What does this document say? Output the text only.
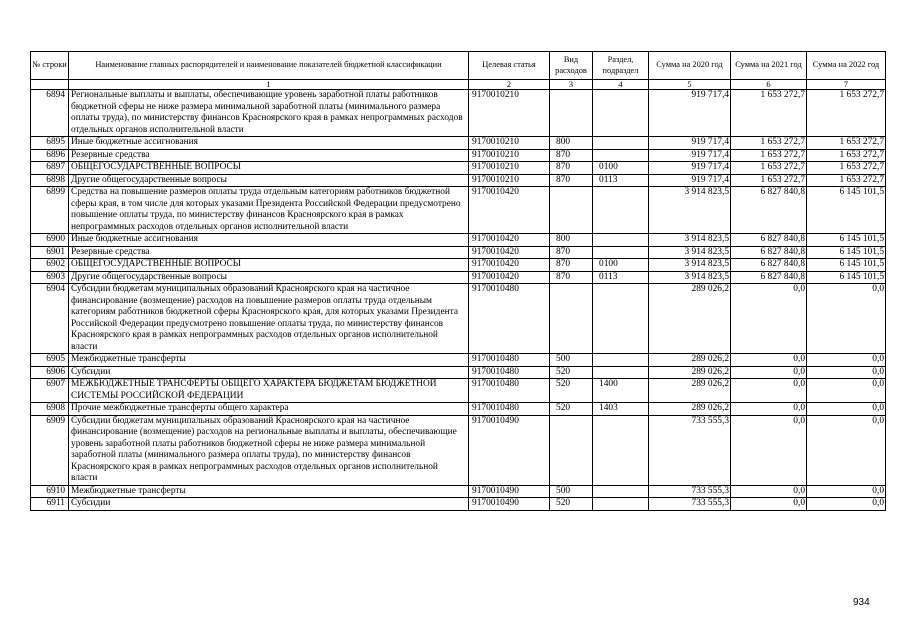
№ строки	Наименование главных распорядителей и наименование показателей бюджетной классификации	Целевая статья	Вид расходов	Раздел, подраздел	Сумма на 2020 год	Сумма на 2021 год	Сумма на 2022 год
	1	2	3	4	5	6	7
6894	Региональные выплаты и выплаты, обеспечивающие уровень заработной платы работников бюджетной сферы не ниже размера минимальной заработной платы (минимального размера оплаты труда), по министерству финансов Красноярского края в рамках непрограммных расходов отдельных органов исполнительной власти	9170010210			919 717,4	1 653 272,7	1 653 272,7
6895	Иные бюджетные ассигнования	9170010210	800		919 717,4	1 653 272,7	1 653 272,7
6896	Резервные средства	9170010210	870		919 717,4	1 653 272,7	1 653 272,7
6897	ОБЩЕГОСУДАРСТВЕННЫЕ ВОПРОСЫ	9170010210	870	0100	919 717,4	1 653 272,7	1 653 272,7
6898	Другие общегосударственные вопросы	9170010210	870	0113	919 717,4	1 653 272,7	1 653 272,7
6899	Средства на повышение размеров оплаты труда отдельным категориям работников бюджетной сферы края, в том числе для которых указами Президента Российской Федерации предусмотрено повышение оплаты труда, по министерству финансов Красноярского края в рамках непрограммных расходов отдельных органов исполнительной власти	9170010420			3 914 823,5	6 827 840,8	6 145 101,5
6900	Иные бюджетные ассигнования	9170010420	800		3 914 823,5	6 827 840,8	6 145 101,5
6901	Резервные средства	9170010420	870		3 914 823,5	6 827 840,8	6 145 101,5
6902	ОБЩЕГОСУДАРСТВЕННЫЕ ВОПРОСЫ	9170010420	870	0100	3 914 823,5	6 827 840,8	6 145 101,5
6903	Другие общегосударственные вопросы	9170010420	870	0113	3 914 823,5	6 827 840,8	6 145 101,5
6904	Субсидии бюджетам муниципальных образований Красноярского края на частичное финансирование (возмещение) расходов на повышение размеров оплаты труда отдельным категориям работников бюджетной сферы Красноярского края, для которых указами Президента Российской Федерации предусмотрено повышение оплаты труда, по министерству финансов Красноярского края в рамках непрограммных расходов отдельных органов исполнительной власти	9170010480			289 026,2	0,0	0,0
6905	Межбюджетные трансферты	9170010480	500		289 026,2	0,0	0,0
6906	Субсидии	9170010480	520		289 026,2	0,0	0,0
6907	МЕЖБЮДЖЕТНЫЕ ТРАНСФЕРТЫ ОБЩЕГО ХАРАКТЕРА БЮДЖЕТАМ БЮДЖЕТНОЙ СИСТЕМЫ РОССИЙСКОЙ ФЕДЕРАЦИИ	9170010480	520	1400	289 026,2	0,0	0,0
6908	Прочие межбюджетные трансферты общего характера	9170010480	520	1403	289 026,2	0,0	0,0
6909	Субсидии бюджетам муниципальных образований Красноярского края на частичное финансирование (возмещение) расходов на региональные выплаты и выплаты, обеспечивающие уровень заработной платы работников бюджетной сферы не ниже размера минимальной заработной платы (минимального размера оплаты труда), по министерству финансов Красноярского края в рамках непрограммных расходов отдельных органов исполнительной власти	9170010490			733 555,3	0,0	0,0
6910	Межбюджетные трансферты	9170010490	500		733 555,3	0,0	0,0
6911	Субсидии	9170010490	520		733 555,3	0,0	0,0
934
